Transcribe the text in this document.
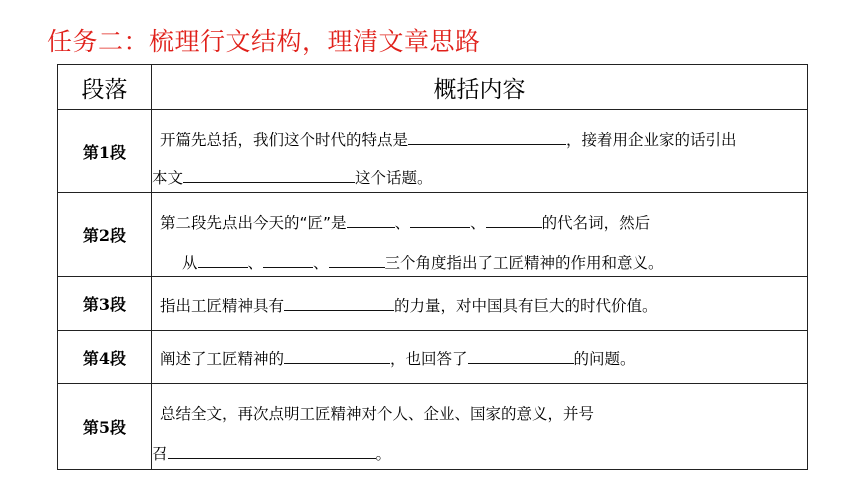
任务二：梳理行文结构，理清文章思路
段落	概括内容
第1段	开篇先总括，我们这个时代的特点是 ，接着用企业家的话引出
本文 这个话题。

第2段	第二段先点出今天的“匠”是 、 、 的代名词，然后
从 、 、 三个角度指出了工匠精神的作用和意义。

第3段	指出工匠精神具有 的力量，对中国具有巨大的时代价值。

第4段	阐述了工匠精神的 ，也回答了 的问题。

第5段	总结全文，再次点明工匠精神对个人、企业、国家的意义，并号
召 。
